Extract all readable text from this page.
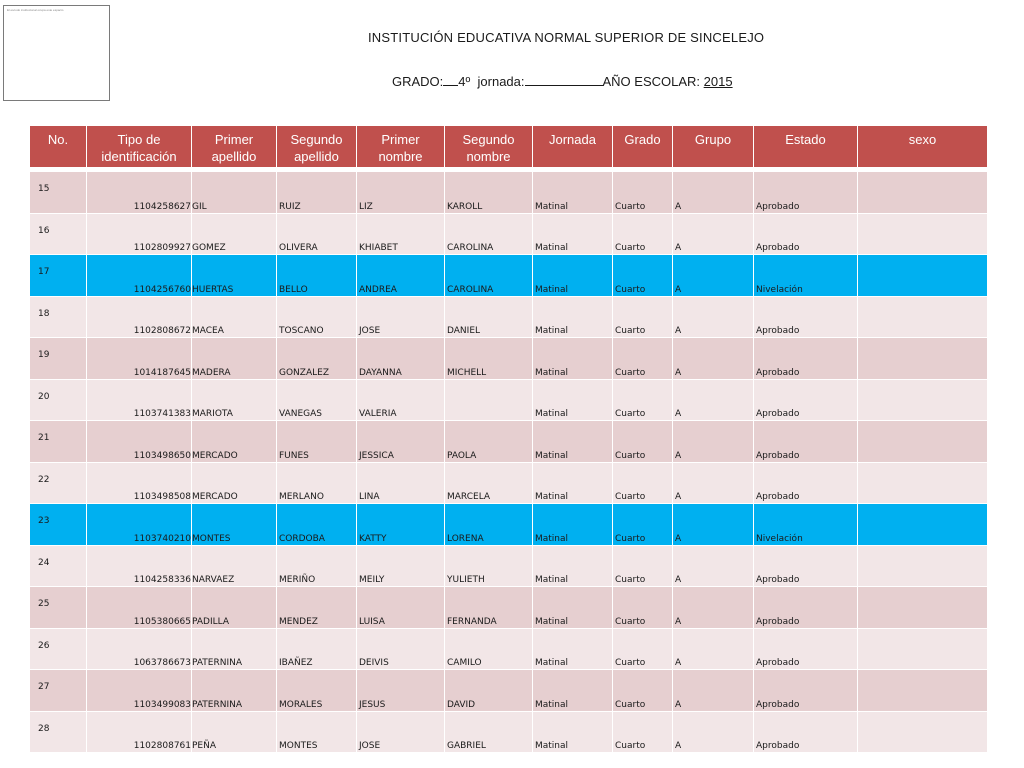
El escudo institucional ocupa este espacio
INSTITUCIÓN EDUCATIVA NORMAL SUPERIOR DE SINCELEJO
GRADO: 4º jornada:	AÑO ESCOLAR: 2015
No.	Tipo de identificación	Primer apellido	Segundo apellido	Primer nombre	Segundo nombre	Jornada	Grado	Grupo	Estado	sexo

15	1104258627	GIL	RUIZ	LIZ	KAROLL	Matinal	Cuarto	A	Aprobado	
16	1102809927	GOMEZ	OLIVERA	KHIABET	CAROLINA	Matinal	Cuarto	A	Aprobado	
17	1104256760	HUERTAS	BELLO	ANDREA	CAROLINA	Matinal	Cuarto	A	Nivelación	
18	1102808672	MACEA	TOSCANO	JOSE	DANIEL	Matinal	Cuarto	A	Aprobado	
19	1014187645	MADERA	GONZALEZ	DAYANNA	MICHELL	Matinal	Cuarto	A	Aprobado	
20	1103741383	MARIOTA	VANEGAS	VALERIA		Matinal	Cuarto	A	Aprobado	
21	1103498650	MERCADO	FUNES	JESSICA	PAOLA	Matinal	Cuarto	A	Aprobado	
22	1103498508	MERCADO	MERLANO	LINA	MARCELA	Matinal	Cuarto	A	Aprobado	
23	1103740210	MONTES	CORDOBA	KATTY	LORENA	Matinal	Cuarto	A	Nivelación	
24	1104258336	NARVAEZ	MERIÑO	MEILY	YULIETH	Matinal	Cuarto	A	Aprobado	
25	1105380665	PADILLA	MENDEZ	LUISA	FERNANDA	Matinal	Cuarto	A	Aprobado	
26	1063786673	PATERNINA	IBAÑEZ	DEIVIS	CAMILO	Matinal	Cuarto	A	Aprobado	
27	1103499083	PATERNINA	MORALES	JESUS	DAVID	Matinal	Cuarto	A	Aprobado	
28	1102808761	PEÑA	MONTES	JOSE	GABRIEL	Matinal	Cuarto	A	Aprobado	
